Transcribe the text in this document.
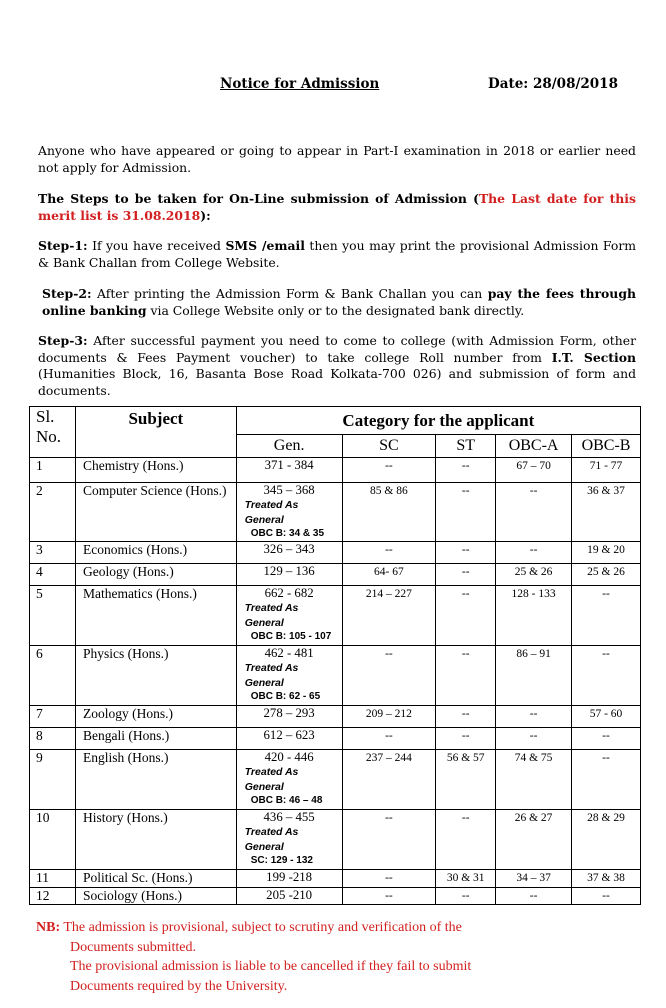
Notice for Admission	Date: 28/08/2018
Anyone who have appeared or going to appear in Part-I examination in 2018 or earlier need not apply for Admission.
The Steps to be taken for On-Line submission of Admission (The Last date for this merit list is 31.08.2018):
Step-1: If you have received SMS /email then you may print the provisional Admission Form & Bank Challan from College Website.
Step-2: After printing the Admission Form & Bank Challan you can pay the fees through online banking via College Website only or to the designated bank directly.
Step-3: After successful payment you need to come to college (with Admission Form, other documents & Fees Payment voucher) to take college Roll number from I.T. Section (Humanities Block, 16, Basanta Bose Road Kolkata-700 026) and submission of form and documents.
Sl. No.	Subject	Category for the applicant				
		Gen.	SC	ST	OBC-A	OBC-B
1	Chemistry (Hons.)	371 - 384	--	--	67 – 70	71 - 77
2	Computer Science (Hons.)	345 – 368
Treated As
General
OBC B: 34 & 35	85 & 86	--	--	36 & 37
3	Economics (Hons.)	326 – 343	--	--	--	19 & 20
4	Geology (Hons.)	129 – 136	64- 67	--	25 & 26	25 & 26
5	Mathematics (Hons.)	662 - 682
Treated As
General
OBC B: 105 - 107	214 – 227	--	128 - 133	--
6	Physics (Hons.)	462 - 481
Treated As
General
OBC B: 62 - 65	--	--	86 – 91	--
7	Zoology (Hons.)	278 – 293	209 – 212	--	--	57 - 60
8	Bengali (Hons.)	612 – 623	--	--	--	--
9	English (Hons.)	420 - 446
Treated As
General
OBC B: 46 – 48	237 – 244	56 & 57	74 & 75	--
10	History (Hons.)	436 – 455
Treated As
General
SC: 129 - 132	--	--	26 & 27	28 & 29
11	Political Sc. (Hons.)	199 -218	--	30 & 31	34 – 37	37 & 38
12	Sociology (Hons.)	205 -210	--	--	--	--
NB: The admission is provisional, subject to scrutiny and verification of the
Documents submitted.
The provisional admission is liable to be cancelled if they fail to submit
Documents required by the University.
